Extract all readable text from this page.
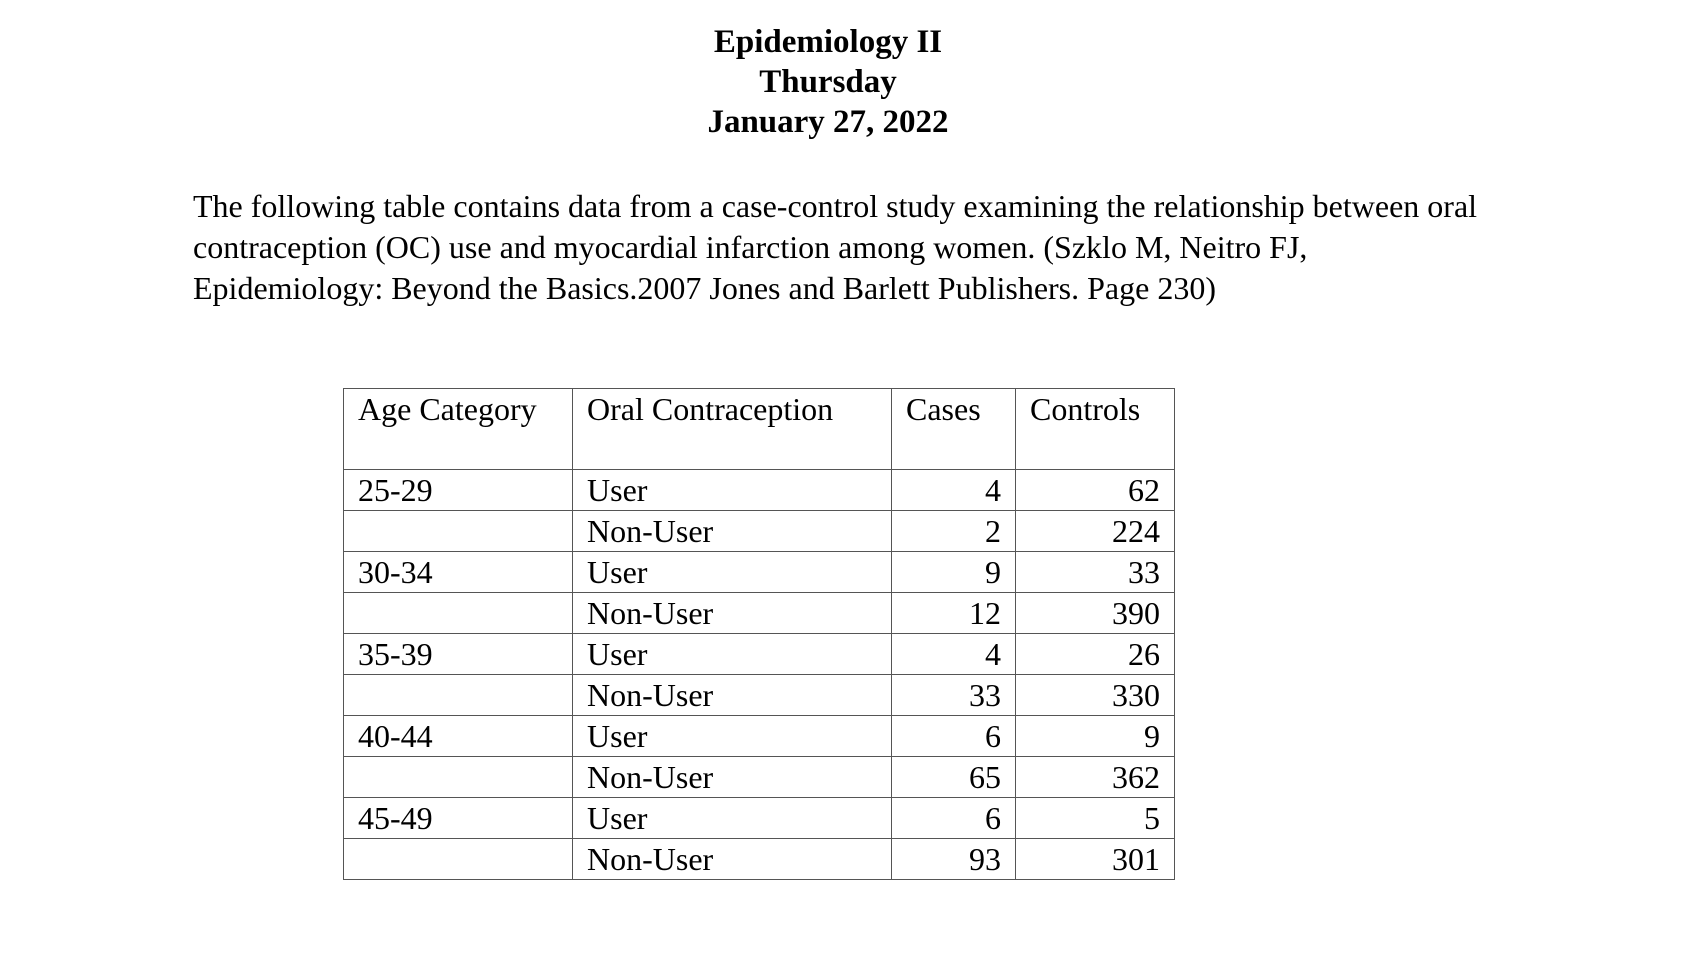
Epidemiology II
Thursday
January 27, 2022

The following table contains data from a case-control study examining the relationship between oral contraception (OC) use and myocardial infarction among women. (Szklo M, Neitro FJ, Epidemiology: Beyond the Basics.2007 Jones and Barlett Publishers. Page 230)

Age Category	Oral Contraception	Cases	Controls
25-29	User	4	62
	Non-User	2	224
30-34	User	9	33
	Non-User	12	390
35-39	User	4	26
	Non-User	33	330
40-44	User	6	9
	Non-User	65	362
45-49	User	6	5
	Non-User	93	301
